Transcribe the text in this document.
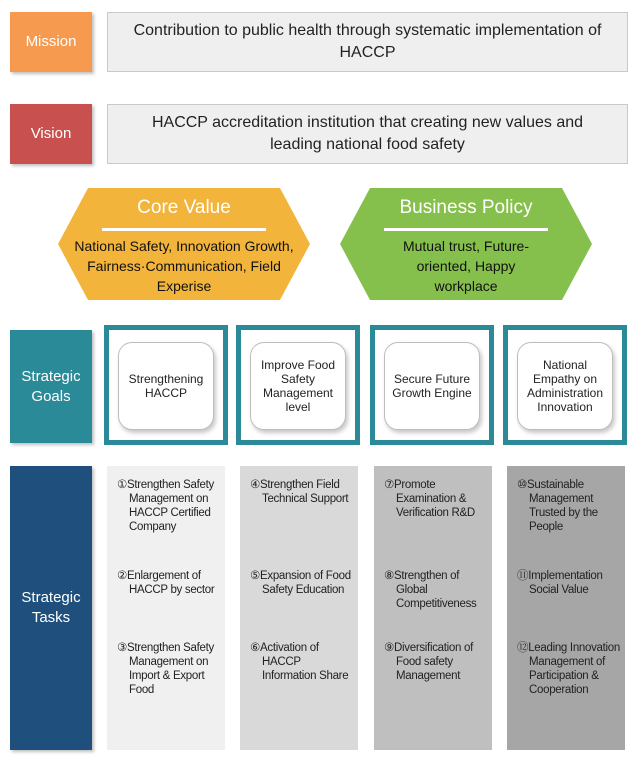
Mission
Contribution to public health through systematic implementation of HACCP
Vision
HACCP accreditation institution that creating new values and leading national food safety
Core Value
National Safety, Innovation Growth, Fairness·Communication, Field Experise
Business Policy
Mutual trust, Future-oriented, Happy workplace
Strategic Goals
Strengthening HACCP
Improve Food Safety Management level
Secure Future Growth Engine
National Empathy on Administration Innovation
Strategic Tasks
①Strengthen Safety Management on HACCP Certified Company
②Enlargement of HACCP by sector
③Strengthen Safety Management on Import & Export Food
④Strengthen Field Technical Support
⑤Expansion of Food Safety Education
⑥Activation of HACCP Information Share
⑦Promote Examination & Verification R&D
⑧Strengthen of Global Competitiveness
⑨Diversification of Food safety Management
⑩Sustainable Management Trusted by the People
⑪Implementation Social Value
⑫Leading Innovation Management of Participation & Cooperation
